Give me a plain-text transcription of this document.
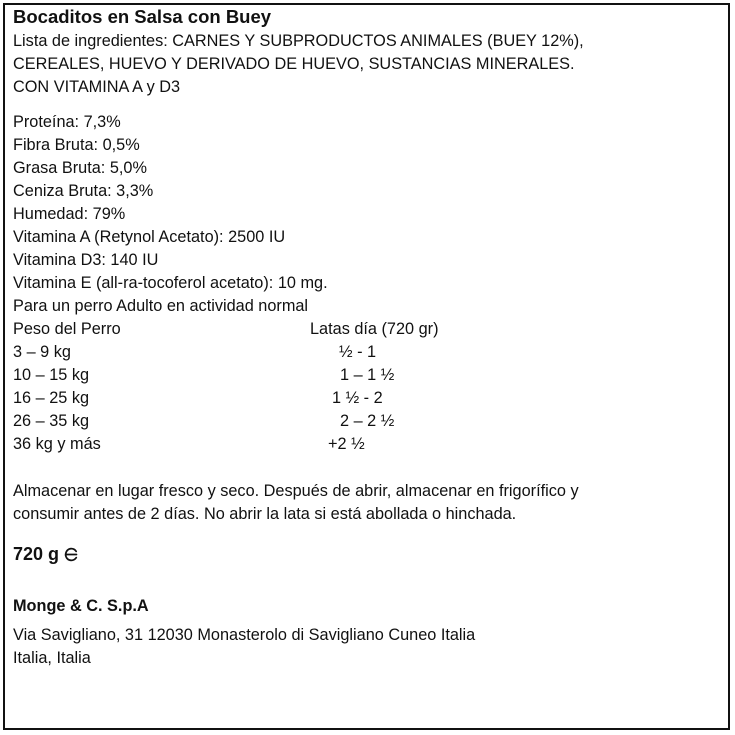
Bocaditos en Salsa con Buey
Lista de ingredientes: CARNES Y SUBPRODUCTOS ANIMALES (BUEY 12%),
CEREALES, HUEVO Y DERIVADO DE HUEVO, SUSTANCIAS MINERALES.
CON VITAMINA A y D3
Proteína: 7,3%
Fibra Bruta: 0,5%
Grasa Bruta: 5,0%
Ceniza Bruta: 3,3%
Humedad: 79%
Vitamina A (Retynol Acetato): 2500 IU
Vitamina D3: 140 IU
Vitamina E (all-ra-tocoferol acetato): 10 mg.
Para un perro Adulto en actividad normal
Peso del Perro	Latas día (720 gr)
3 – 9 kg	½ - 1
10 – 15 kg	1 – 1 ½
16 – 25 kg	1 ½ - 2
26 – 35 kg	2 – 2 ½
36 kg y más	+2 ½
Almacenar en lugar fresco y seco. Después de abrir, almacenar en frigorífico y
consumir antes de 2 días. No abrir la lata si está abollada o hinchada.
720 g
Monge & C. S.p.A
Via Savigliano, 31 12030 Monasterolo di Savigliano Cuneo Italia
Italia, Italia
